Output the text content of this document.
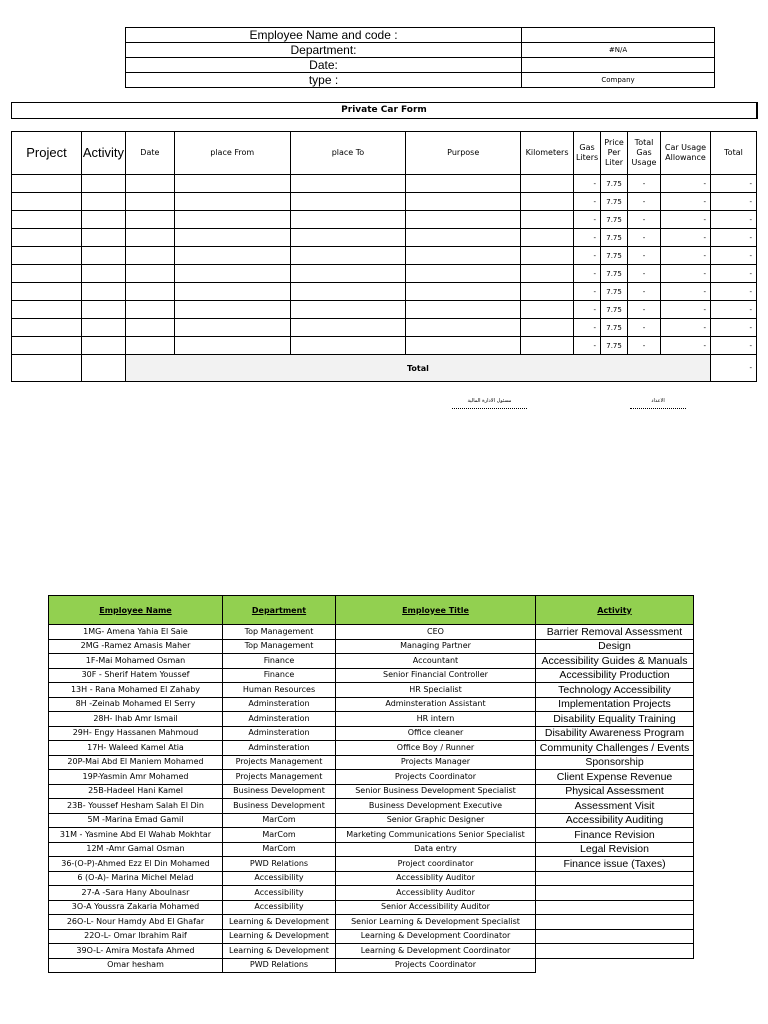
Employee Name and code :	
Department:	#N/A
Date:	
type :	Company
Private Car Form
Project	Activity	Date	place From	place To	Purpose	Kilometers	Gas Liters	Price Per Liter	Total Gas Usage	Car Usage Allowance	Total
							-	7.75	-	-	-
							-	7.75	-	-	-
							-	7.75	-	-	-
							-	7.75	-	-	-
							-	7.75	-	-	-
							-	7.75	-	-	-
							-	7.75	-	-	-
							-	7.75	-	-	-
							-	7.75	-	-	-
							-	7.75	-	-	-
		Total									-
مسئول الادارة المالية	الاعداد
Employee Name	Department	Employee Title	Activity
1MG- Amena Yahia El Saie	Top Management	CEO	Barrier Removal Assessment
2MG -Ramez Amasis Maher	Top Management	Managing Partner	Design
1F-Mai Mohamed Osman	Finance	Accountant	Accessibility Guides & Manuals
30F - Sherif Hatem Youssef	Finance	Senior Financial Controller	Accessibility Production
13H - Rana Mohamed El Zahaby	Human Resources	HR Specialist	Technology Accessibility
8H -Zeinab Mohamed El Serry	Adminsteration	Adminsteration Assistant	Implementation Projects
28H- Ihab Amr Ismail	Adminsteration	HR intern	Disability Equality Training
29H- Engy Hassanen Mahmoud	Adminsteration	Office cleaner	Disability Awareness Program
17H- Waleed Kamel Atia	Adminsteration	Office Boy / Runner	Community Challenges / Events
20P-Mai Abd El Maniem Mohamed	Projects Management	Projects Manager	Sponsorship
19P-Yasmin Amr Mohamed	Projects Management	Projects Coordinator	Client Expense Revenue
25B-Hadeel Hani Kamel	Business Development	Senior Business Development Specialist	Physical Assessment
23B- Youssef Hesham Salah El Din	Business Development	Business Development Executive	Assessment Visit
5M -Marina Emad Gamil	MarCom	Senior Graphic Designer	Accessibility Auditing
31M - Yasmine Abd El Wahab Mokhtar	MarCom	Marketing Communications Senior Specialist	Finance Revision
12M -Amr Gamal Osman	MarCom	Data entry	Legal Revision
36-(O-P)-Ahmed Ezz El Din Mohamed	PWD Relations	Project coordinator	Finance issue (Taxes)
6 (O-A)- Marina Michel Melad	Accessibility	Accessiblity Auditor	
27-A -Sara Hany Aboulnasr	Accessibility	Accessiblity Auditor	
3O-A Youssra Zakaria Mohamed	Accessibility	Senior Accessibility Auditor	
26O-L- Nour Hamdy Abd El Ghafar	Learning & Development	Senior Learning & Development Specialist	
22O-L- Omar Ibrahim Raif	Learning & Development	Learning & Development Coordinator	
39O-L- Amira Mostafa Ahmed	Learning & Development	Learning & Development Coordinator	
Omar hesham	PWD Relations	Projects Coordinator	
